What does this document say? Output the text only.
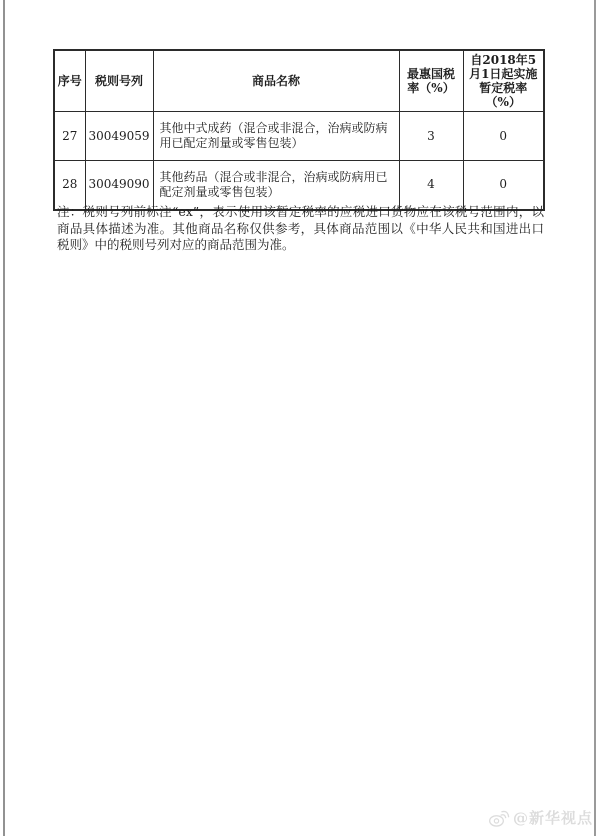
序号	税则号列	商品名称	最惠国税率（%）	自2018年5月1日起实施暂定税率（%）
27	30049059	其他中式成药（混合或非混合，治病或防病用已配定剂量或零售包装）	3	0
28	30049090	其他药品（混合或非混合，治病或防病用已配定剂量或零售包装）	4	0

注：税则号列前标注“ex”，表示使用该暂定税率的应税进口货物应在该税号范围内，以商品具体描述为准。其他商品名称仅供参考，具体商品范围以《中华人民共和国进出口税则》中的税则号列对应的商品范围为准。

@新华视点
